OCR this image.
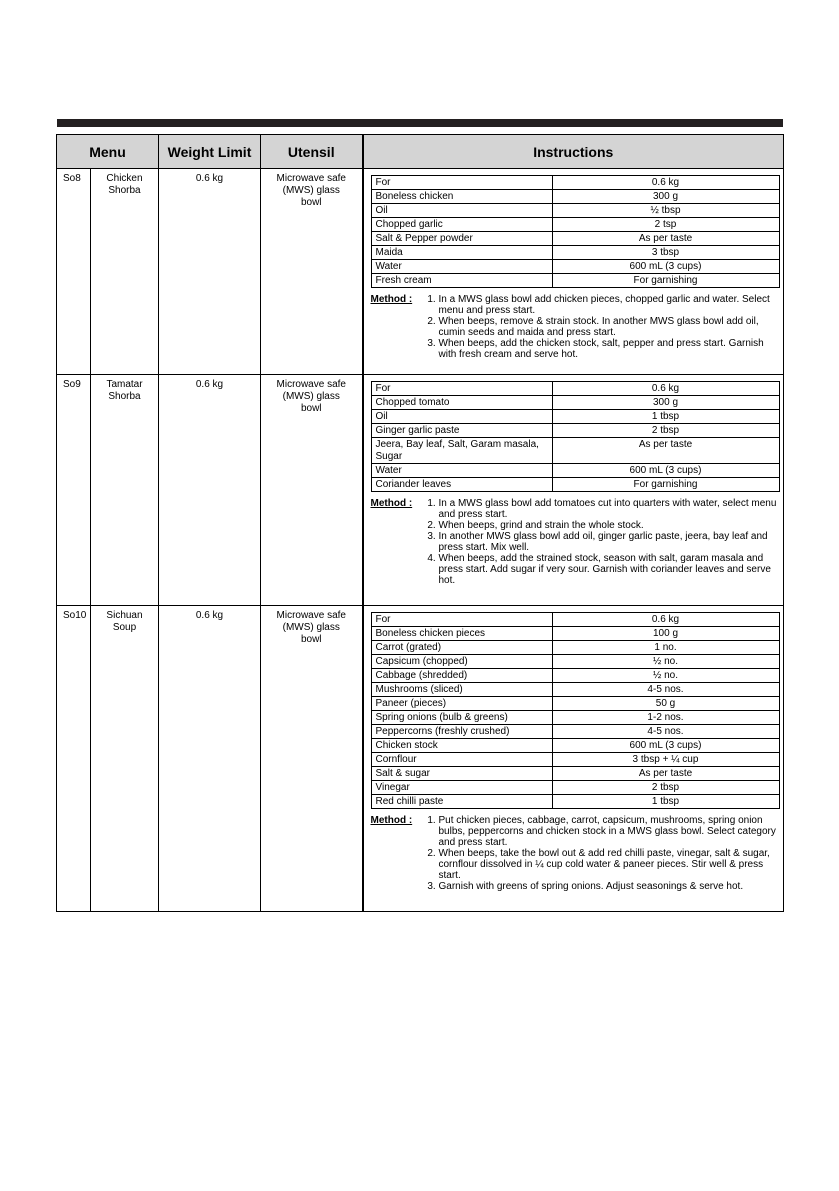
Menu	Weight Limit	Utensil	Instructions
So8	Chicken Shorba	0.6 kg	Microwave safe (MWS) glass bowl	
For	0.6 kg
Boneless chicken	300 g
Oil	½ tbsp
Chopped garlic	2 tsp
Salt & Pepper powder	As per taste
Maida	3 tbsp
Water	600 mL (3 cups)
Fresh cream	For garnishing
Method :	1. In a MWS glass bowl add chicken pieces, chopped garlic and water. Select menu and press start.
2. When beeps, remove & strain stock. In another MWS glass bowl add oil, cumin seeds and maida and press start.
3. When beeps, add the chicken stock, salt, pepper and press start. Garnish with fresh cream and serve hot.

So9	Tamatar Shorba	0.6 kg	Microwave safe (MWS) glass bowl	
For	0.6 kg
Chopped tomato	300 g
Oil	1 tbsp
Ginger garlic paste	2 tbsp
Jeera, Bay leaf, Salt, Garam masala, Sugar	As per taste
Water	600 mL (3 cups)
Coriander leaves	For garnishing
Method :	1. In a MWS glass bowl add tomatoes cut into quarters with water, select menu and press start.
2. When beeps, grind and strain the whole stock.
3. In another MWS glass bowl add oil, ginger garlic paste, jeera, bay leaf and press start. Mix well.
4. When beeps, add the strained stock, season with salt, garam masala and press start. Add sugar if very sour. Garnish with coriander leaves and serve hot.

So10	Sichuan Soup	0.6 kg	Microwave safe (MWS) glass bowl	
For	0.6 kg
Boneless chicken pieces	100 g
Carrot (grated)	1 no.
Capsicum (chopped)	½ no.
Cabbage (shredded)	½ no.
Mushrooms (sliced)	4-5 nos.
Paneer (pieces)	50 g
Spring onions (bulb & greens)	1-2 nos.
Peppercorns (freshly crushed)	4-5 nos.
Chicken stock	600 mL (3 cups)
Cornflour	3 tbsp + ¼ cup
Salt & sugar	As per taste
Vinegar	2 tbsp
Red chilli paste	1 tbsp
Method :	1. Put chicken pieces, cabbage, carrot, capsicum, mushrooms, spring onion bulbs, peppercorns and chicken stock in a MWS glass bowl. Select category and press start.
2. When beeps, take the bowl out & add red chilli paste, vinegar, salt & sugar, cornflour dissolved in ¼ cup cold water & paneer pieces. Stir well & press start.
3. Garnish with greens of spring onions. Adjust seasonings & serve hot.
